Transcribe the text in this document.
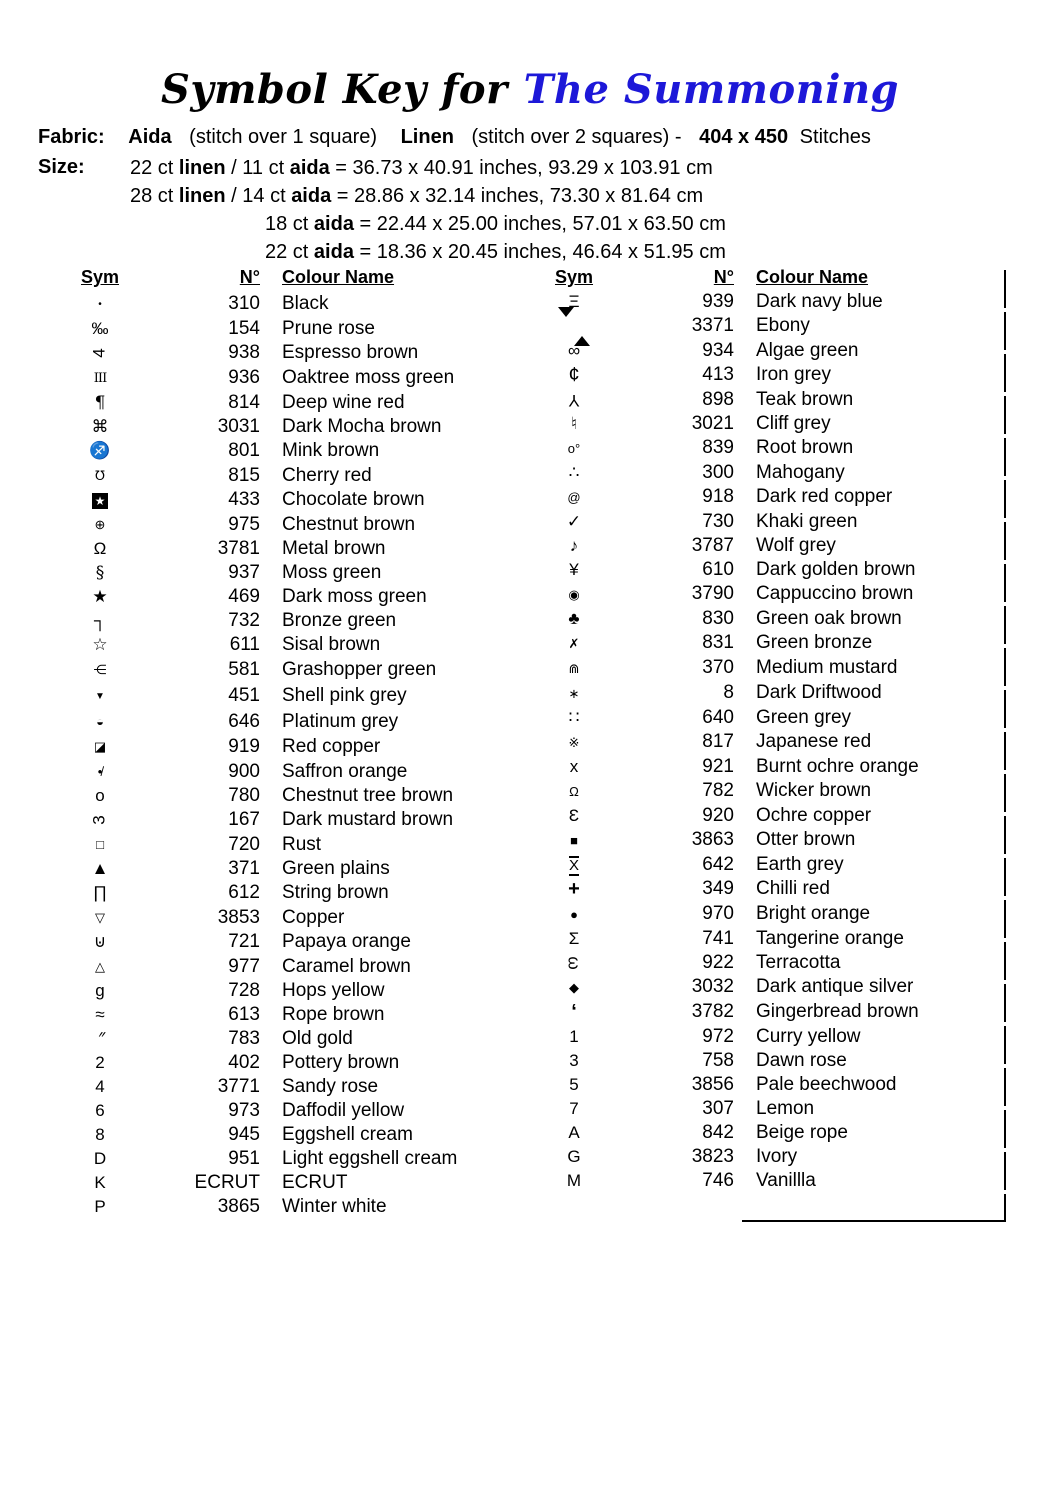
Symbol Key for The Summoning
Fabric: Aida (stitch over 1 square) Linen (stitch over 2 squares) - 404 x 450 Stitches
Size: 22 ct linen / 11 ct aida = 36.73 x 40.91 inches, 93.29 x 103.91 cm
28 ct linen / 14 ct aida = 28.86 x 32.14 inches, 73.30 x 81.64 cm
18 ct aida = 22.44 x 25.00 inches, 57.01 x 63.50 cm
22 ct aida = 18.36 x 20.45 inches, 46.64 x 51.95 cm
Sym	N°	Colour Name
•	310	Black
‰	154	Prune rose
4	938	Espresso brown
III	936	Oaktree moss green
¶	814	Deep wine red
⌘	3031	Dark Mocha brown
♐	801	Mink brown
℧	815	Cherry red
★	433	Chocolate brown
⊕	975	Chestnut brown
Ω	3781	Metal brown
§	937	Moss green
★	469	Dark moss green
┐	732	Bronze green
☆	611	Sisal brown
⋲	581	Grashopper green
▼	451	Shell pink grey
◒	646	Platinum grey
◪	919	Red copper
•̸	900	Saffron orange
o	780	Chestnut tree brown
3	167	Dark mustard brown
□	720	Rust
▲	371	Green plains
∏	612	String brown
▽	3853	Copper
⊍	721	Papaya orange
△	977	Caramel brown
g	728	Hops yellow
≈	613	Rope brown
″	783	Old gold
2	402	Pottery brown
4	3771	Sandy rose
6	973	Daffodil yellow
8	945	Eggshell cream
D	951	Light eggshell cream
K	ECRUT	ECRUT
P	3865	Winter white
Sym	N°	Colour Name
Ξ	939	Dark navy blue
	3371	Ebony
∞	934	Algae green
¢	413	Iron grey
Y	898	Teak brown
♮	3021	Cliff grey
o°	839	Root brown
∴	300	Mahogany
@	918	Dark red copper
✓	730	Khaki green
♪	3787	Wolf grey
¥	610	Dark golden brown
◉	3790	Cappuccino brown
♣	830	Green oak brown
✗	831	Green bronze
⋒	370	Medium mustard
∗	8	Dark Driftwood
∷	640	Green grey
※	817	Japanese red
x	921	Burnt ochre orange
Ω	782	Wicker brown
Ɛ	920	Ochre copper
■	3863	Otter brown
X	642	Earth grey
+	349	Chilli red
●	970	Bright orange
Σ	741	Tangerine orange
ω	922	Terracotta
◆	3032	Dark antique silver
‘	3782	Gingerbread brown
1	972	Curry yellow
3	758	Dawn rose
5	3856	Pale beechwood
7	307	Lemon
A	842	Beige rope
G	3823	Ivory
M	746	Vanillla
